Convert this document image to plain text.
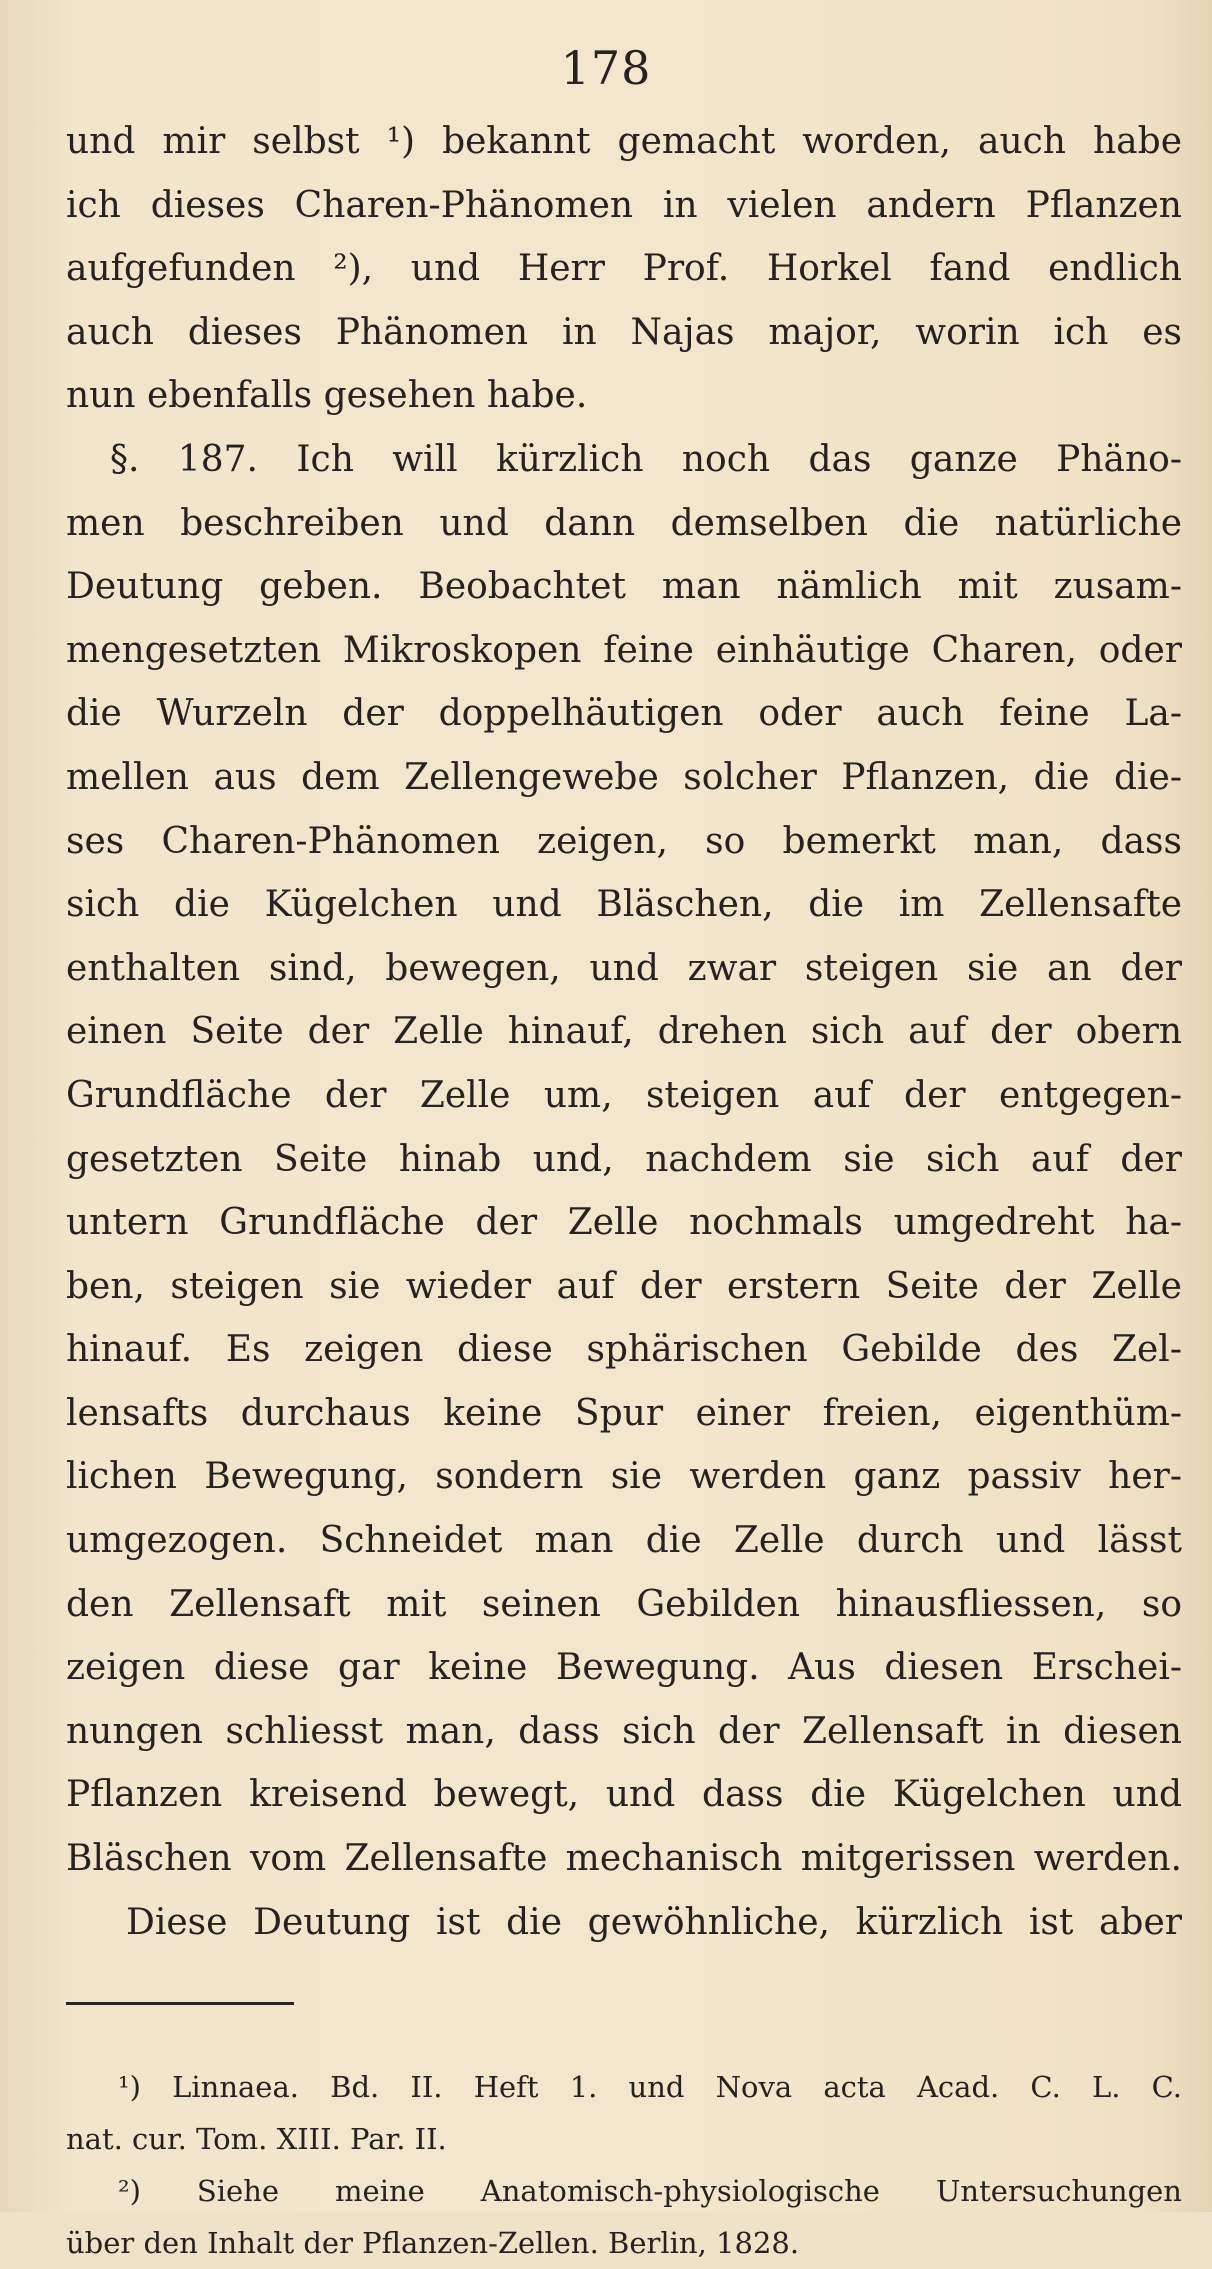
178
und mir selbst ¹) bekannt gemacht worden, auch habe
ich dieses Charen-Phänomen in vielen andern Pflanzen
aufgefunden ²), und Herr Prof. Horkel fand endlich
auch dieses Phänomen in Najas major, worin ich es
nun ebenfalls gesehen habe.
§. 187. Ich will kürzlich noch das ganze Phäno-
men beschreiben und dann demselben die natürliche
Deutung geben. Beobachtet man nämlich mit zusam-
mengesetzten Mikroskopen feine einhäutige Charen, oder
die Wurzeln der doppelhäutigen oder auch feine La-
mellen aus dem Zellengewebe solcher Pflanzen, die die-
ses Charen-Phänomen zeigen, so bemerkt man, dass
sich die Kügelchen und Bläschen, die im Zellensafte
enthalten sind, bewegen, und zwar steigen sie an der
einen Seite der Zelle hinauf, drehen sich auf der obern
Grundfläche der Zelle um, steigen auf der entgegen-
gesetzten Seite hinab und, nachdem sie sich auf der
untern Grundfläche der Zelle nochmals umgedreht ha-
ben, steigen sie wieder auf der erstern Seite der Zelle
hinauf. Es zeigen diese sphärischen Gebilde des Zel-
lensafts durchaus keine Spur einer freien, eigenthüm-
lichen Bewegung, sondern sie werden ganz passiv her-
umgezogen. Schneidet man die Zelle durch und lässt
den Zellensaft mit seinen Gebilden hinausfliessen, so
zeigen diese gar keine Bewegung. Aus diesen Erschei-
nungen schliesst man, dass sich der Zellensaft in diesen
Pflanzen kreisend bewegt, und dass die Kügelchen und
Bläschen vom Zellensafte mechanisch mitgerissen werden.
Diese Deutung ist die gewöhnliche, kürzlich ist aber
¹) Linnaea. Bd. II. Heft 1. und Nova acta Acad. C. L. C.
nat. cur. Tom. XIII. Par. II.
²) Siehe meine Anatomisch-physiologische Untersuchungen
über den Inhalt der Pflanzen-Zellen. Berlin, 1828.
